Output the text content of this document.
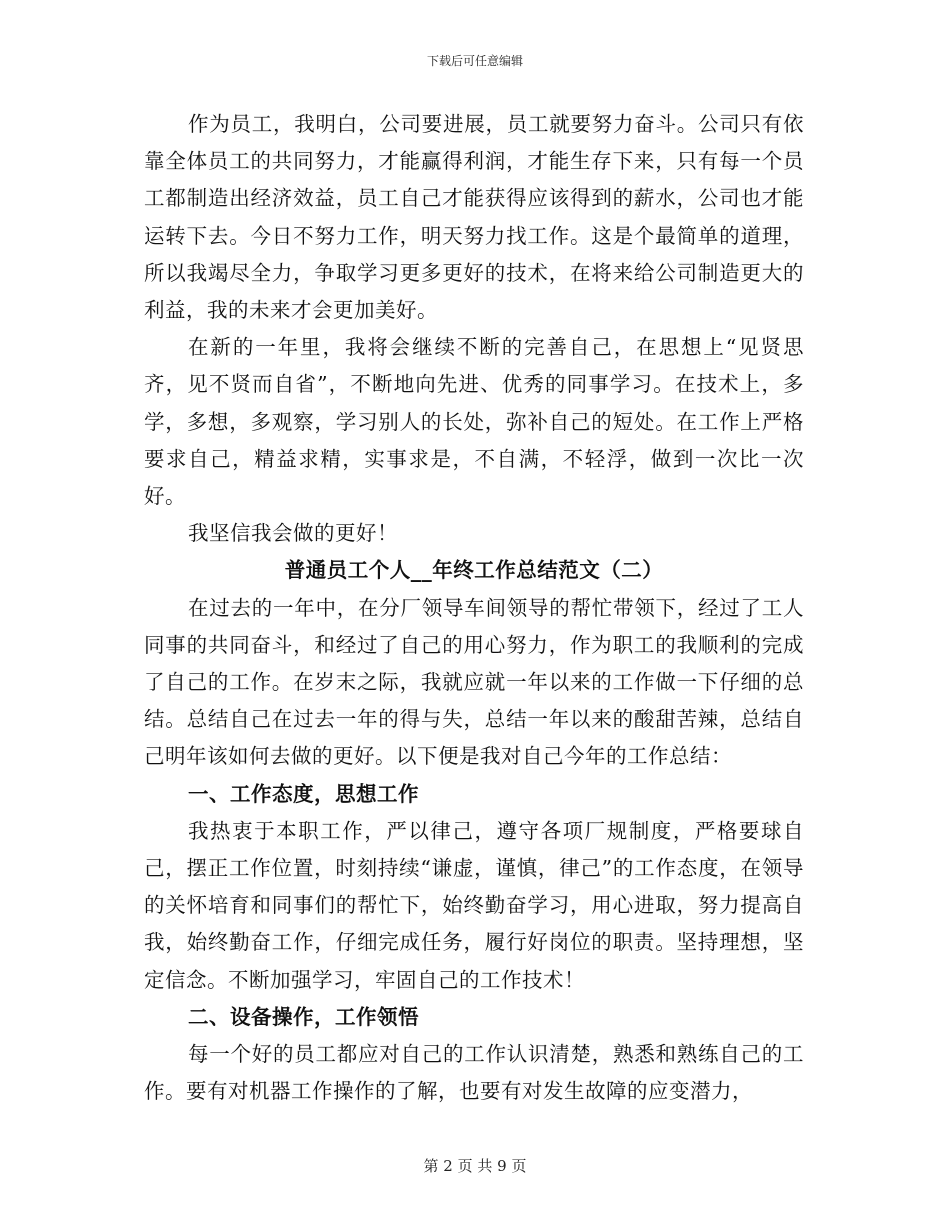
下载后可任意编辑

作为员工，我明白，公司要进展，员工就要努力奋斗。公司只有依靠全体员工的共同努力，才能赢得利润，才能生存下来，只有每一个员工都制造出经济效益，员工自己才能获得应该得到的薪水，公司也才能运转下去。今日不努力工作，明天努力找工作。这是个最简单的道理，所以我竭尽全力，争取学习更多更好的技术，在将来给公司制造更大的利益，我的未来才会更加美好。

在新的一年里，我将会继续不断的完善自己，在思想上“见贤思齐，见不贤而自省”，不断地向先进、优秀的同事学习。在技术上，多学，多想，多观察，学习别人的长处，弥补自己的短处。在工作上严格要求自己，精益求精，实事求是，不自满，不轻浮，做到一次比一次好。

我坚信我会做的更好！

普通员工个人__年终工作总结范文（二）

在过去的一年中，在分厂领导车间领导的帮忙带领下，经过了工人同事的共同奋斗，和经过了自己的用心努力，作为职工的我顺利的完成了自己的工作。在岁末之际，我就应就一年以来的工作做一下仔细的总结。总结自己在过去一年的得与失，总结一年以来的酸甜苦辣，总结自己明年该如何去做的更好。以下便是我对自己今年的工作总结：

一、工作态度，思想工作

我热衷于本职工作，严以律己，遵守各项厂规制度，严格要球自己，摆正工作位置，时刻持续“谦虚，谨慎，律己”的工作态度，在领导的关怀培育和同事们的帮忙下，始终勤奋学习，用心进取，努力提高自我，始终勤奋工作，仔细完成任务，履行好岗位的职责。坚持理想，坚定信念。不断加强学习，牢固自己的工作技术！

二、设备操作，工作领悟

每一个好的员工都应对自己的工作认识清楚，熟悉和熟练自己的工作。要有对机器工作操作的了解，也要有对发生故障的应变潜力，

第 2 页 共 9 页
